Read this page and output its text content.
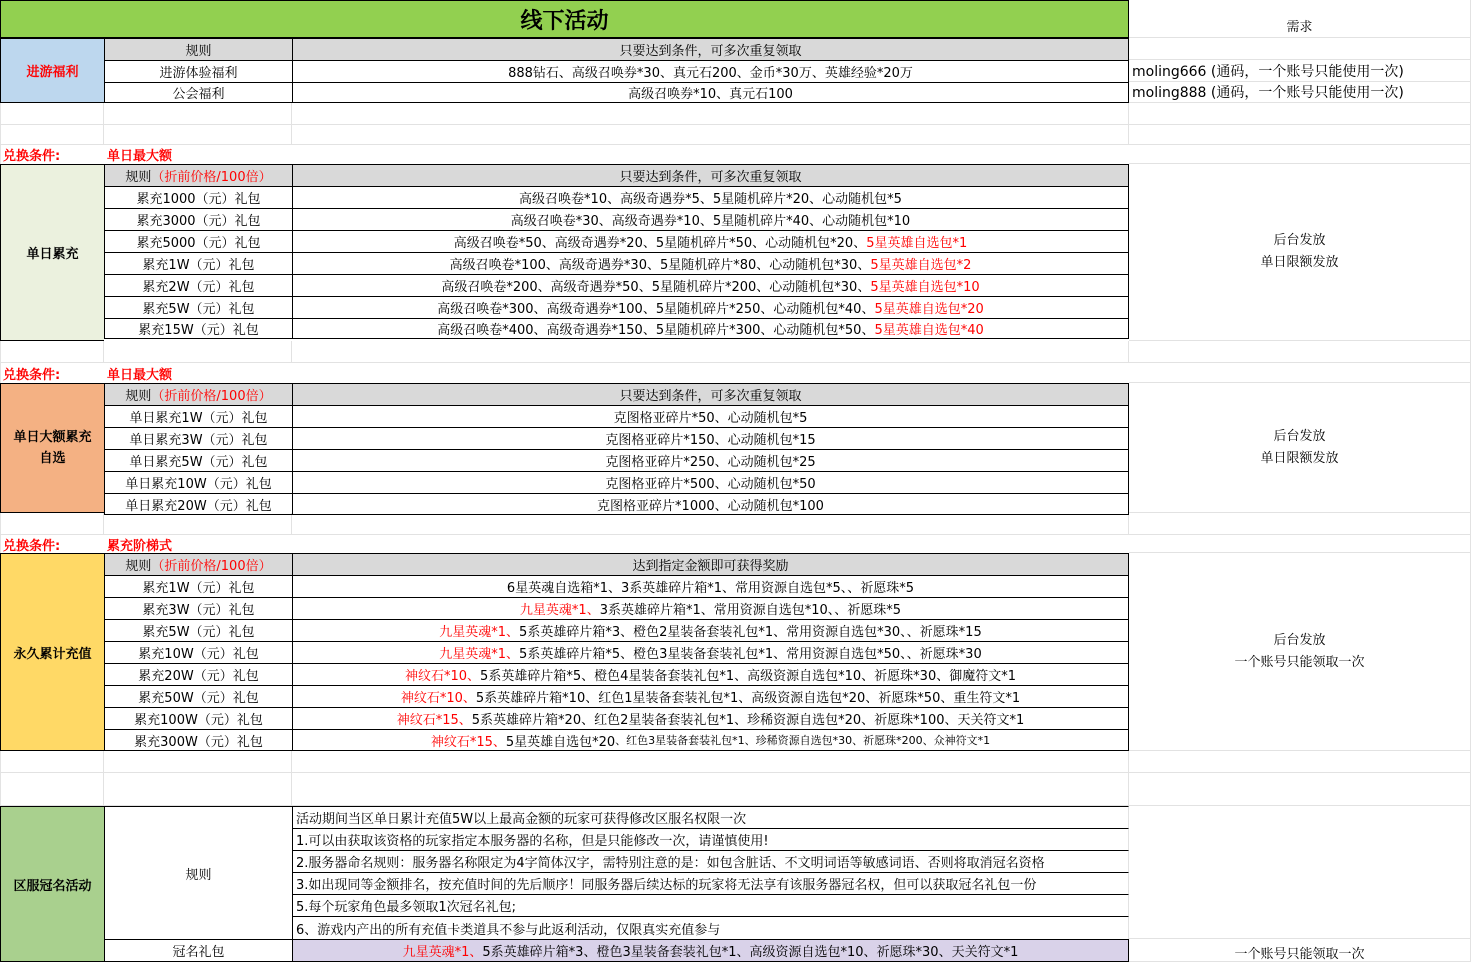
线下活动	需求
进游福利
规则	只要达到条件，可多次重复领取
进游体验福利	888钻石、高级召唤券*30、真元石200、金币*30万、英雄经验*20万	moling666 (通码，一个账号只能使用一次)
公会福利	高级召唤券*10、真元石100	moling888 (通码，一个账号只能使用一次)
兑换条件:	单日最大额
单日累充
规则 （折前价格/100倍）	只要达到条件，可多次重复领取
后台发放
单日限额发放
累充1000（元）礼包	高级召唤卷*10、高级奇遇券*5、5星随机碎片*20、心动随机包*5
累充3000（元）礼包	高级召唤卷*30、高级奇遇券*10、5星随机碎片*40、心动随机包*10
累充5000（元）礼包	高级召唤卷*50、高级奇遇券*20、5星随机碎片*50、心动随机包*20、 5星英雄自选包*1
累充1W（元）礼包	高级召唤卷*100、高级奇遇券*30、5星随机碎片*80、心动随机包*30、 5星英雄自选包*2
累充2W（元）礼包	高级召唤卷*200、高级奇遇券*50、5星随机碎片*200、心动随机包*30、 5星英雄自选包*10
累充5W（元）礼包	高级召唤卷*300、高级奇遇券*100、5星随机碎片*250、心动随机包*40、 5星英雄自选包*20
累充15W（元）礼包	高级召唤卷*400、高级奇遇券*150、5星随机碎片*300、心动随机包*50、 5星英雄自选包*40
兑换条件:	单日最大额
单日大额累充
自选
规则 （折前价格/100倍）	只要达到条件，可多次重复领取
后台发放
单日限额发放
单日累充1W（元）礼包	克图格亚碎片*50、心动随机包*5
单日累充3W（元）礼包	克图格亚碎片*150、心动随机包*15
单日累充5W（元）礼包	克图格亚碎片*250、心动随机包*25
单日累充10W（元）礼包	克图格亚碎片*500、心动随机包*50
单日累充20W（元）礼包	克图格亚碎片*1000、心动随机包*100
兑换条件:	累充阶梯式
永久累计充值
规则 （折前价格/100倍）	达到指定金额即可获得奖励
后台发放
一个账号只能领取一次
累充1W（元）礼包	6星英魂自选箱*1、3系英雄碎片箱*1、常用资源自选包*5、、祈愿珠*5
累充3W（元）礼包	九星英魂*1、 3系英雄碎片箱*1、常用资源自选包*10、、祈愿珠*5
累充5W（元）礼包	九星英魂*1、 5系英雄碎片箱*3、橙色2星装备套装礼包*1、常用资源自选包*30、、祈愿珠*15
累充10W（元）礼包	九星英魂*1、 5系英雄碎片箱*5、橙色3星装备套装礼包*1、常用资源自选包*50、、祈愿珠*30
累充20W（元）礼包	神纹石*10、 5系英雄碎片箱*5、橙色4星装备套装礼包*1、高级资源自选包*10、祈愿珠*30、御魔符文*1
累充50W（元）礼包	神纹石*10、 5系英雄碎片箱*10、红色1星装备套装礼包*1、高级资源自选包*20、祈愿珠*50、重生符文*1
累充100W（元）礼包	神纹石*15、 5系英雄碎片箱*20、红色2星装备套装礼包*1、珍稀资源自选包*20、祈愿珠*100、天关符文*1
累充300W（元）礼包	神纹石*15、 5星英雄自选包*20 、红色3星装备套装礼包*1、珍稀资源自选包*30、祈愿珠*200、众神符文*1
区服冠名活动
规则
活动期间当区单日累计充值5W以上最高金额的玩家可获得修改区服名权限一次
1.可以由获取该资格的玩家指定本服务器的名称，但是只能修改一次，请谨慎使用!
2.服务器命名规则：服务器名称限定为4字简体汉字，需特别注意的是：如包含脏话、不文明词语等敏感词语、否则将取消冠名资格
3.如出现同等金额排名，按充值时间的先后顺序！同服务器后续达标的玩家将无法享有该服务器冠名权，但可以获取冠名礼包一份
5.每个玩家角色最多领取1次冠名礼包;
6、游戏内产出的所有充值卡类道具不参与此返利活动，仅限真实充值参与
冠名礼包	九星英魂*1、 5系英雄碎片箱*3、橙色3星装备套装礼包*1、高级资源自选包*10、祈愿珠*30、天关符文*1	一个账号只能领取一次
